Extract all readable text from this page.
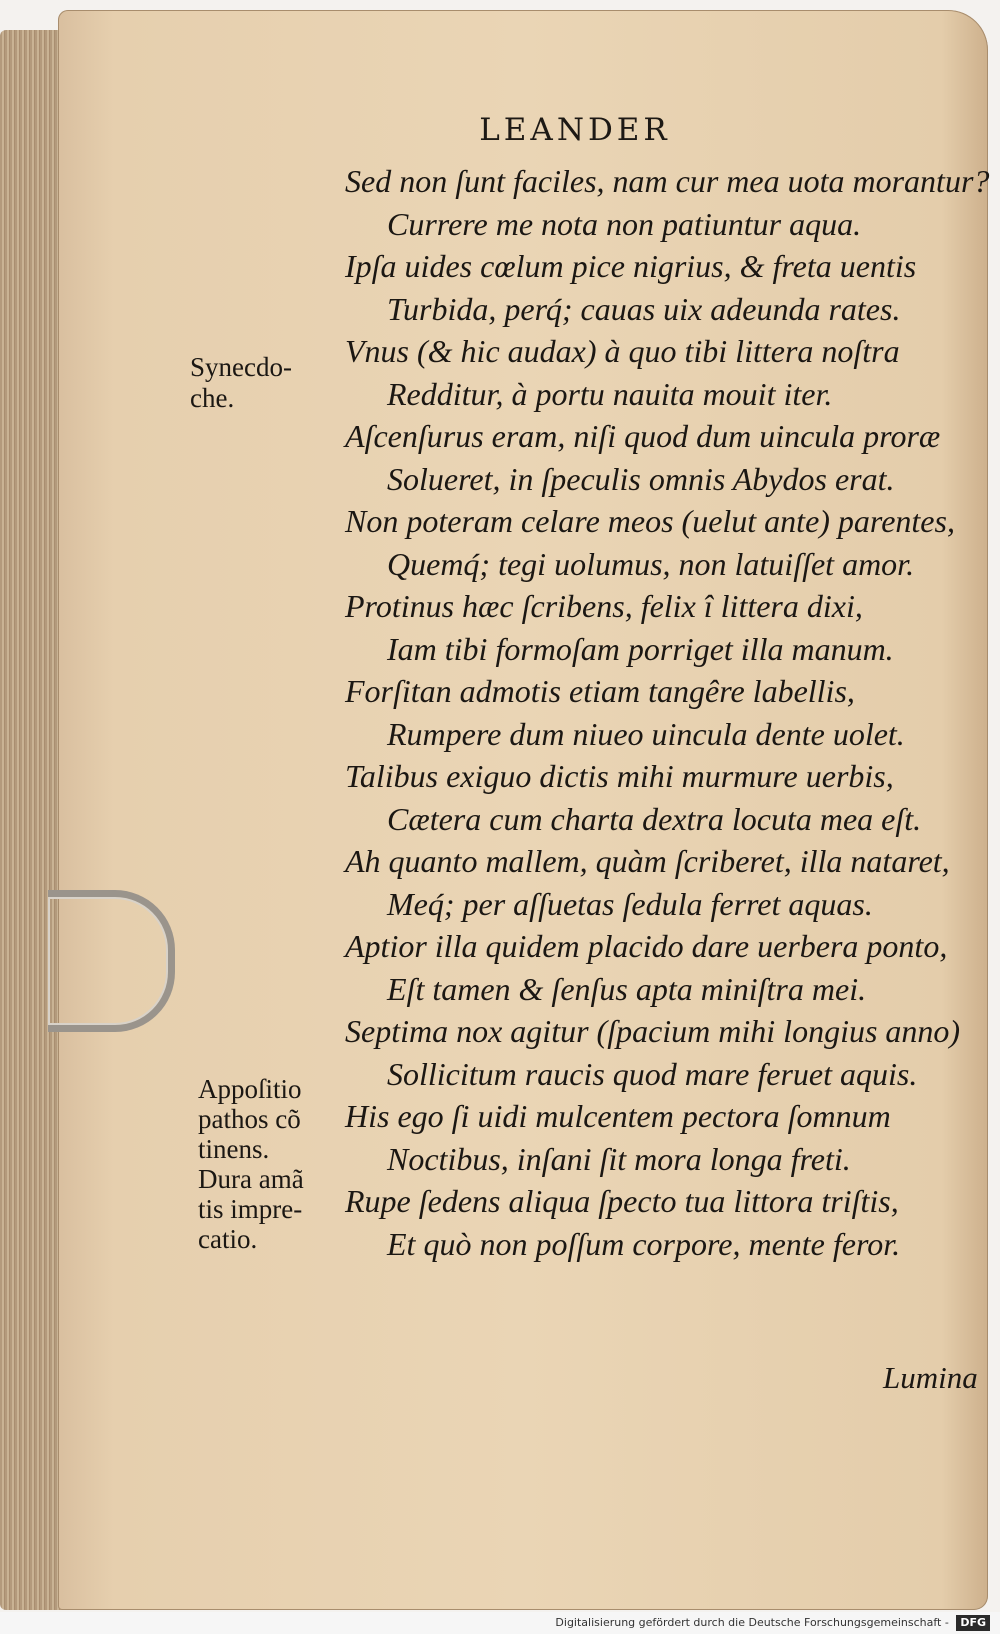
LEANDER
Sed non ſunt faciles, nam cur mea uota morantur?
Currere me nota non patiuntur aqua.
Ipſa uides cœlum pice nigrius, & freta uentis
Turbida, perq́; cauas uix adeunda rates.
Vnus (& hic audax) à quo tibi littera noſtra
Redditur, à portu nauita mouit iter.
Aſcenſurus eram, niſi quod dum uincula proræ
Solueret, in ſpeculis omnis Abydos erat.
Non poteram celare meos (uelut ante) parentes,
Quemq́; tegi uolumus, non latuiſſet amor.
Protinus hæc ſcribens, felix î littera dixi,
Iam tibi formoſam porriget illa manum.
Forſitan admotis etiam tangêre labellis,
Rumpere dum niueo uincula dente uolet.
Talibus exiguo dictis mihi murmure uerbis,
Cætera cum charta dextra locuta mea eſt.
Ah quanto mallem, quàm ſcriberet, illa nataret,
Meq́; per aſſuetas ſedula ferret aquas.
Aptior illa quidem placido dare uerbera ponto,
Eſt tamen & ſenſus apta miniſtra mei.
Septima nox agitur (ſpacium mihi longius anno)
Sollicitum raucis quod mare feruet aquis.
His ego ſi uidi mulcentem pectora ſomnum
Noctibus, inſani ſit mora longa freti.
Rupe ſedens aliqua ſpecto tua littora triſtis,
Et quò non poſſum corpore, mente feror.
Synecdo-
che.
Appoſitio
pathos cõ
tinens.
Dura amã
tis impre-
catio.
Lumina
Digitalisierung gefördert durch die Deutsche Forschungsgemeinschaft - DFG
